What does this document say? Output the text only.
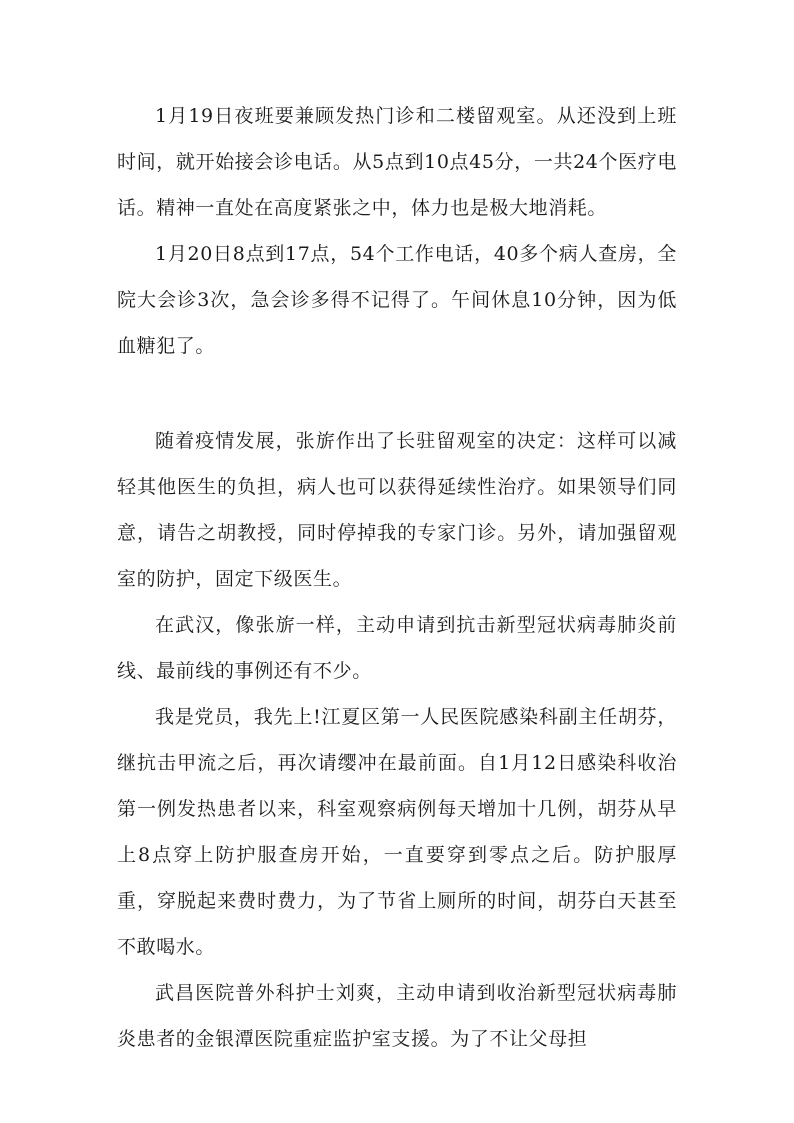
1月19日夜班要兼顾发热门诊和二楼留观室。从还没到上班时间，就开始接会诊电话。从5点到10点45分，一共24个医疗电话。精神一直处在高度紧张之中，体力也是极大地消耗。

1月20日8点到17点，54个工作电话，40多个病人查房，全院大会诊3次，急会诊多得不记得了。午间休息10分钟，因为低血糖犯了。

随着疫情发展，张旂作出了长驻留观室的决定：这样可以减轻其他医生的负担，病人也可以获得延续性治疗。如果领导们同意，请告之胡教授，同时停掉我的专家门诊。另外，请加强留观室的防护，固定下级医生。

在武汉，像张旂一样，主动申请到抗击新型冠状病毒肺炎前线、最前线的事例还有不少。

我是党员，我先上!江夏区第一人民医院感染科副主任胡芬，继抗击甲流之后，再次请缨冲在最前面。自1月12日感染科收治第一例发热患者以来，科室观察病例每天增加十几例，胡芬从早上8点穿上防护服查房开始，一直要穿到零点之后。防护服厚重，穿脱起来费时费力，为了节省上厕所的时间，胡芬白天甚至不敢喝水。

武昌医院普外科护士刘爽，主动申请到收治新型冠状病毒肺炎患者的金银潭医院重症监护室支援。为了不让父母担
